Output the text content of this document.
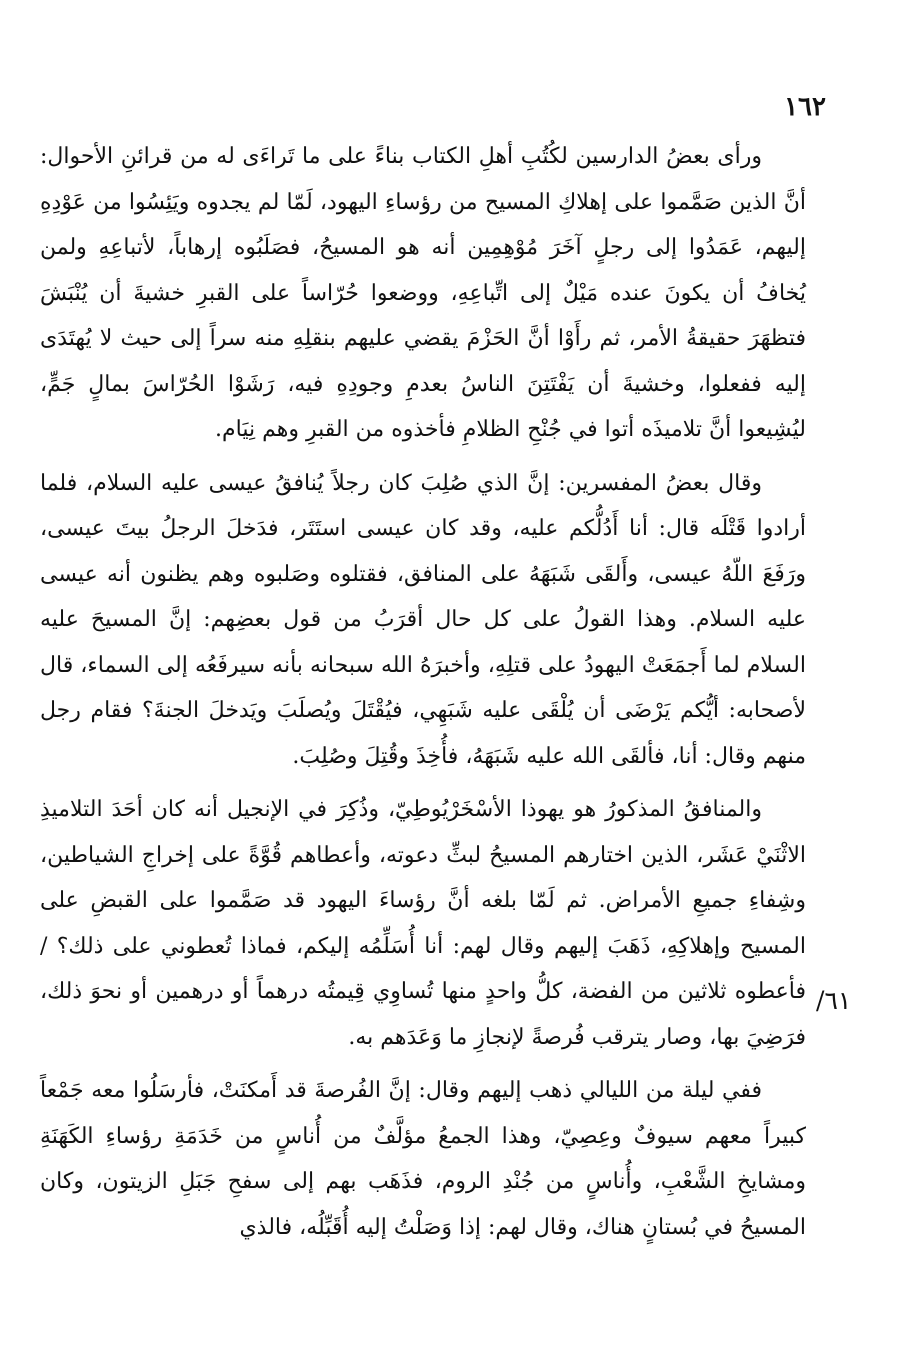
١٦٢
٦١/

ورأى بعضُ الدارسين لكُتُبِ أهلِ الكتاب بناءً على ما تَراءَى له من قرائنِ الأحوال: أنَّ الذين صَمَّموا على إهلاكِ المسيح من رؤساءِ اليهود، لَمّا لم يجدوه ويَئِسُوا من عَوْدِهِ إليهم، عَمَدُوا إلى رجلٍ آخَرَ مُوْهِمِين أنه هو المسيحُ، فصَلَبُوه إرهاباً، لأتباعِهِ ولمن يُخافُ أن يكونَ عنده مَيْلٌ إلى اتِّباعِهِ، ووضعوا حُرّاساً على القبرِ خشيةَ أن يُنْبَشَ فتظهَرَ حقيقةُ الأمر، ثم رأَوْا أنَّ الحَزْمَ يقضي عليهم بنقلِهِ منه سراً إلى حيث لا يُهتَدَى إليه ففعلوا، وخشيةَ أن يَفْتَتِنَ الناسُ بعدمِ وجودِهِ فيه، رَشَوْا الحُرّاسَ بمالٍ جَمٍّ، ليُشِيعوا أنَّ تلاميذَه أتوا في جُنْحِ الظلامِ فأخذوه من القبرِ وهم نِيَام.

وقال بعضُ المفسرين: إنَّ الذي صُلِبَ كان رجلاً يُنافقُ عيسى عليه السلام، فلما أرادوا قَتْلَه قال: أنا أَدُلُّكم عليه، وقد كان عيسى استَتَر، فدَخلَ الرجلُ بيتَ عيسى، ورَفَعَ اللّهُ عيسى، وأَلقَى شَبَهَهُ على المنافق، فقتلوه وصَلبوه وهم يظنون أنه عيسى عليه السلام. وهذا القولُ على كل حال أقرَبُ من قول بعضِهم: إنَّ المسيحَ عليه السلام لما أَجمَعَتْ اليهودُ على قتلِهِ، وأخبرَهُ الله سبحانه بأنه سيرفَعُه إلى السماء، قال لأصحابه: أيُّكم يَرْضَى أن يُلْقَى عليه شَبَهِي، فيُقْتَلَ ويُصلَبَ ويَدخلَ الجنةَ؟ فقام رجل منهم وقال: أنا، فألقَى الله عليه شَبَهَهُ، فأُخِذَ وقُتِلَ وصُلِبَ.

والمنافقُ المذكورُ هو يهوذا الأسْخَرْيُوطِيّ، وذُكِرَ في الإنجيل أنه كان أحَدَ التلاميذِ الاثْنَيْ عَشَر، الذين اختارهم المسيحُ لبثِّ دعوته، وأعطاهم قُوَّةً على إخراجِ الشياطين، وشِفاءِ جميعِ الأمراض. ثم لَمّا بلغه أنَّ رؤساءَ اليهود قد صَمَّموا على القبضِ على المسيح وإهلاكِهِ، ذَهَبَ إليهم وقال لهم: أنا أُسَلِّمُه إليكم، فماذا تُعطوني على ذلك؟ / فأعطوه ثلاثين من الفضة، كلُّ واحدٍ منها تُساوِي قِيمتُه درهماً أو درهمين أو نحوَ ذلك، فرَضِيَ بها، وصار يترقب فُرصةً لإنجازِ ما وَعَدَهم به.

ففي ليلة من الليالي ذهب إليهم وقال: إنَّ الفُرصةَ قد أَمكنَتْ، فأرسَلُوا معه جَمْعاً كبيراً معهم سيوفٌ وعِصِيّ، وهذا الجمعُ مؤلَّفٌ من أُناسٍ من خَدَمَةِ رؤساءِ الكَهَنَةِ ومشايخِ الشَّعْبِ، وأُناسٍ من جُنْدِ الروم، فذَهَب بهم إلى سفحِ جَبَلِ الزيتون، وكان المسيحُ في بُستانٍ هناك، وقال لهم: إذا وَصَلْتُ إليه أُقَبِّلُه، فالذي
